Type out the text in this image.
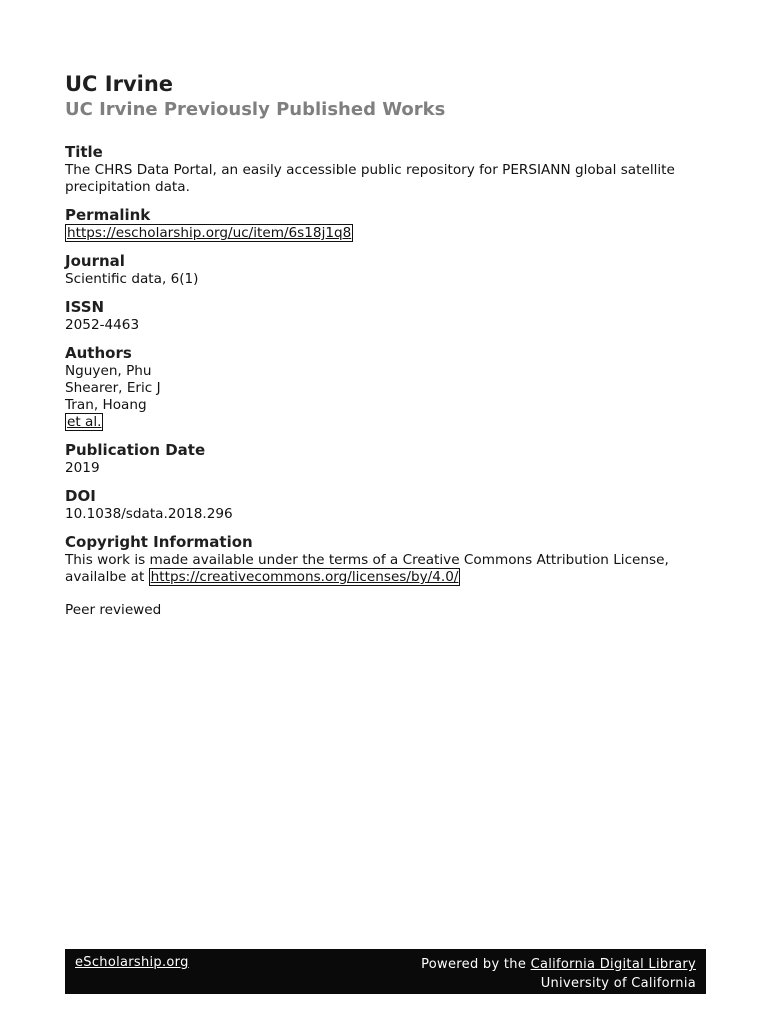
UC Irvine
UC Irvine Previously Published Works
Title
The CHRS Data Portal, an easily accessible public repository for PERSIANN global satellite precipitation data.
Permalink
https://escholarship.org/uc/item/6s18j1q8
Journal
Scientific data, 6(1)
ISSN
2052-4463
Authors
Nguyen, Phu
Shearer, Eric J
Tran, Hoang
et al.
Publication Date
2019
DOI
10.1038/sdata.2018.296
Copyright Information
This work is made available under the terms of a Creative Commons Attribution License, availalbe at https://creativecommons.org/licenses/by/4.0/
Peer reviewed
eScholarship.org	Powered by the California Digital Library
University of California
